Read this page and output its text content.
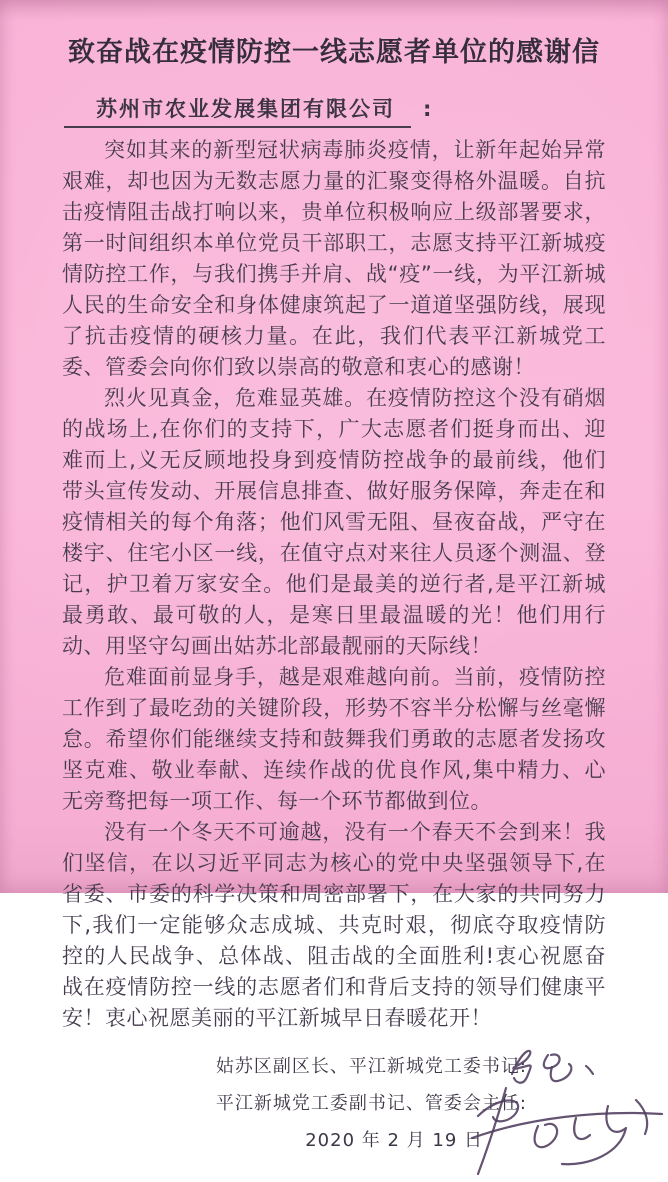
致奋战在疫情防控一线志愿者单位的感谢信
苏州市农业发展集团有限公司 :

突如其来的新型冠状病毒肺炎疫情，让新年起始异常艰难，却也因为无数志愿力量的汇聚变得格外温暖。自抗击疫情阻击战打响以来，贵单位积极响应上级部署要求，第一时间组织本单位党员干部职工，志愿支持平江新城疫情防控工作，与我们携手并肩、战“疫”一线，为平江新城人民的生命安全和身体健康筑起了一道道坚强防线，展现了抗击疫情的硬核力量。在此，我们代表平江新城党工委、管委会向你们致以崇高的敬意和衷心的感谢！

烈火见真金，危难显英雄。在疫情防控这个没有硝烟的战场上,在你们的支持下，广大志愿者们挺身而出、迎难而上,义无反顾地投身到疫情防控战争的最前线，他们带头宣传发动、开展信息排查、做好服务保障，奔走在和疫情相关的每个角落；他们风雪无阻、昼夜奋战，严守在楼宇、住宅小区一线，在值守点对来往人员逐个测温、登记，护卫着万家安全。他们是最美的逆行者,是平江新城最勇敢、最可敬的人，是寒日里最温暖的光！他们用行动、用坚守勾画出姑苏北部最靓丽的天际线！

危难面前显身手，越是艰难越向前。当前，疫情防控工作到了最吃劲的关键阶段，形势不容半分松懈与丝毫懈怠。希望你们能继续支持和鼓舞我们勇敢的志愿者发扬攻坚克难、敬业奉献、连续作战的优良作风,集中精力、心无旁骛把每一项工作、每一个环节都做到位。

没有一个冬天不可逾越，没有一个春天不会到来！我们坚信，在以习近平同志为核心的党中央坚强领导下,在省委、市委的科学决策和周密部署下，在大家的共同努力下,我们一定能够众志成城、共克时艰，彻底夺取疫情防控的人民战争、总体战、阻击战的全面胜利!衷心祝愿奋战在疫情防控一线的志愿者们和背后支持的领导们健康平安！衷心祝愿美丽的平江新城早日春暖花开！

姑苏区副区长、平江新城党工委书记:
平江新城党工委副书记、管委会主任:
2020 年 2 月 19 日
